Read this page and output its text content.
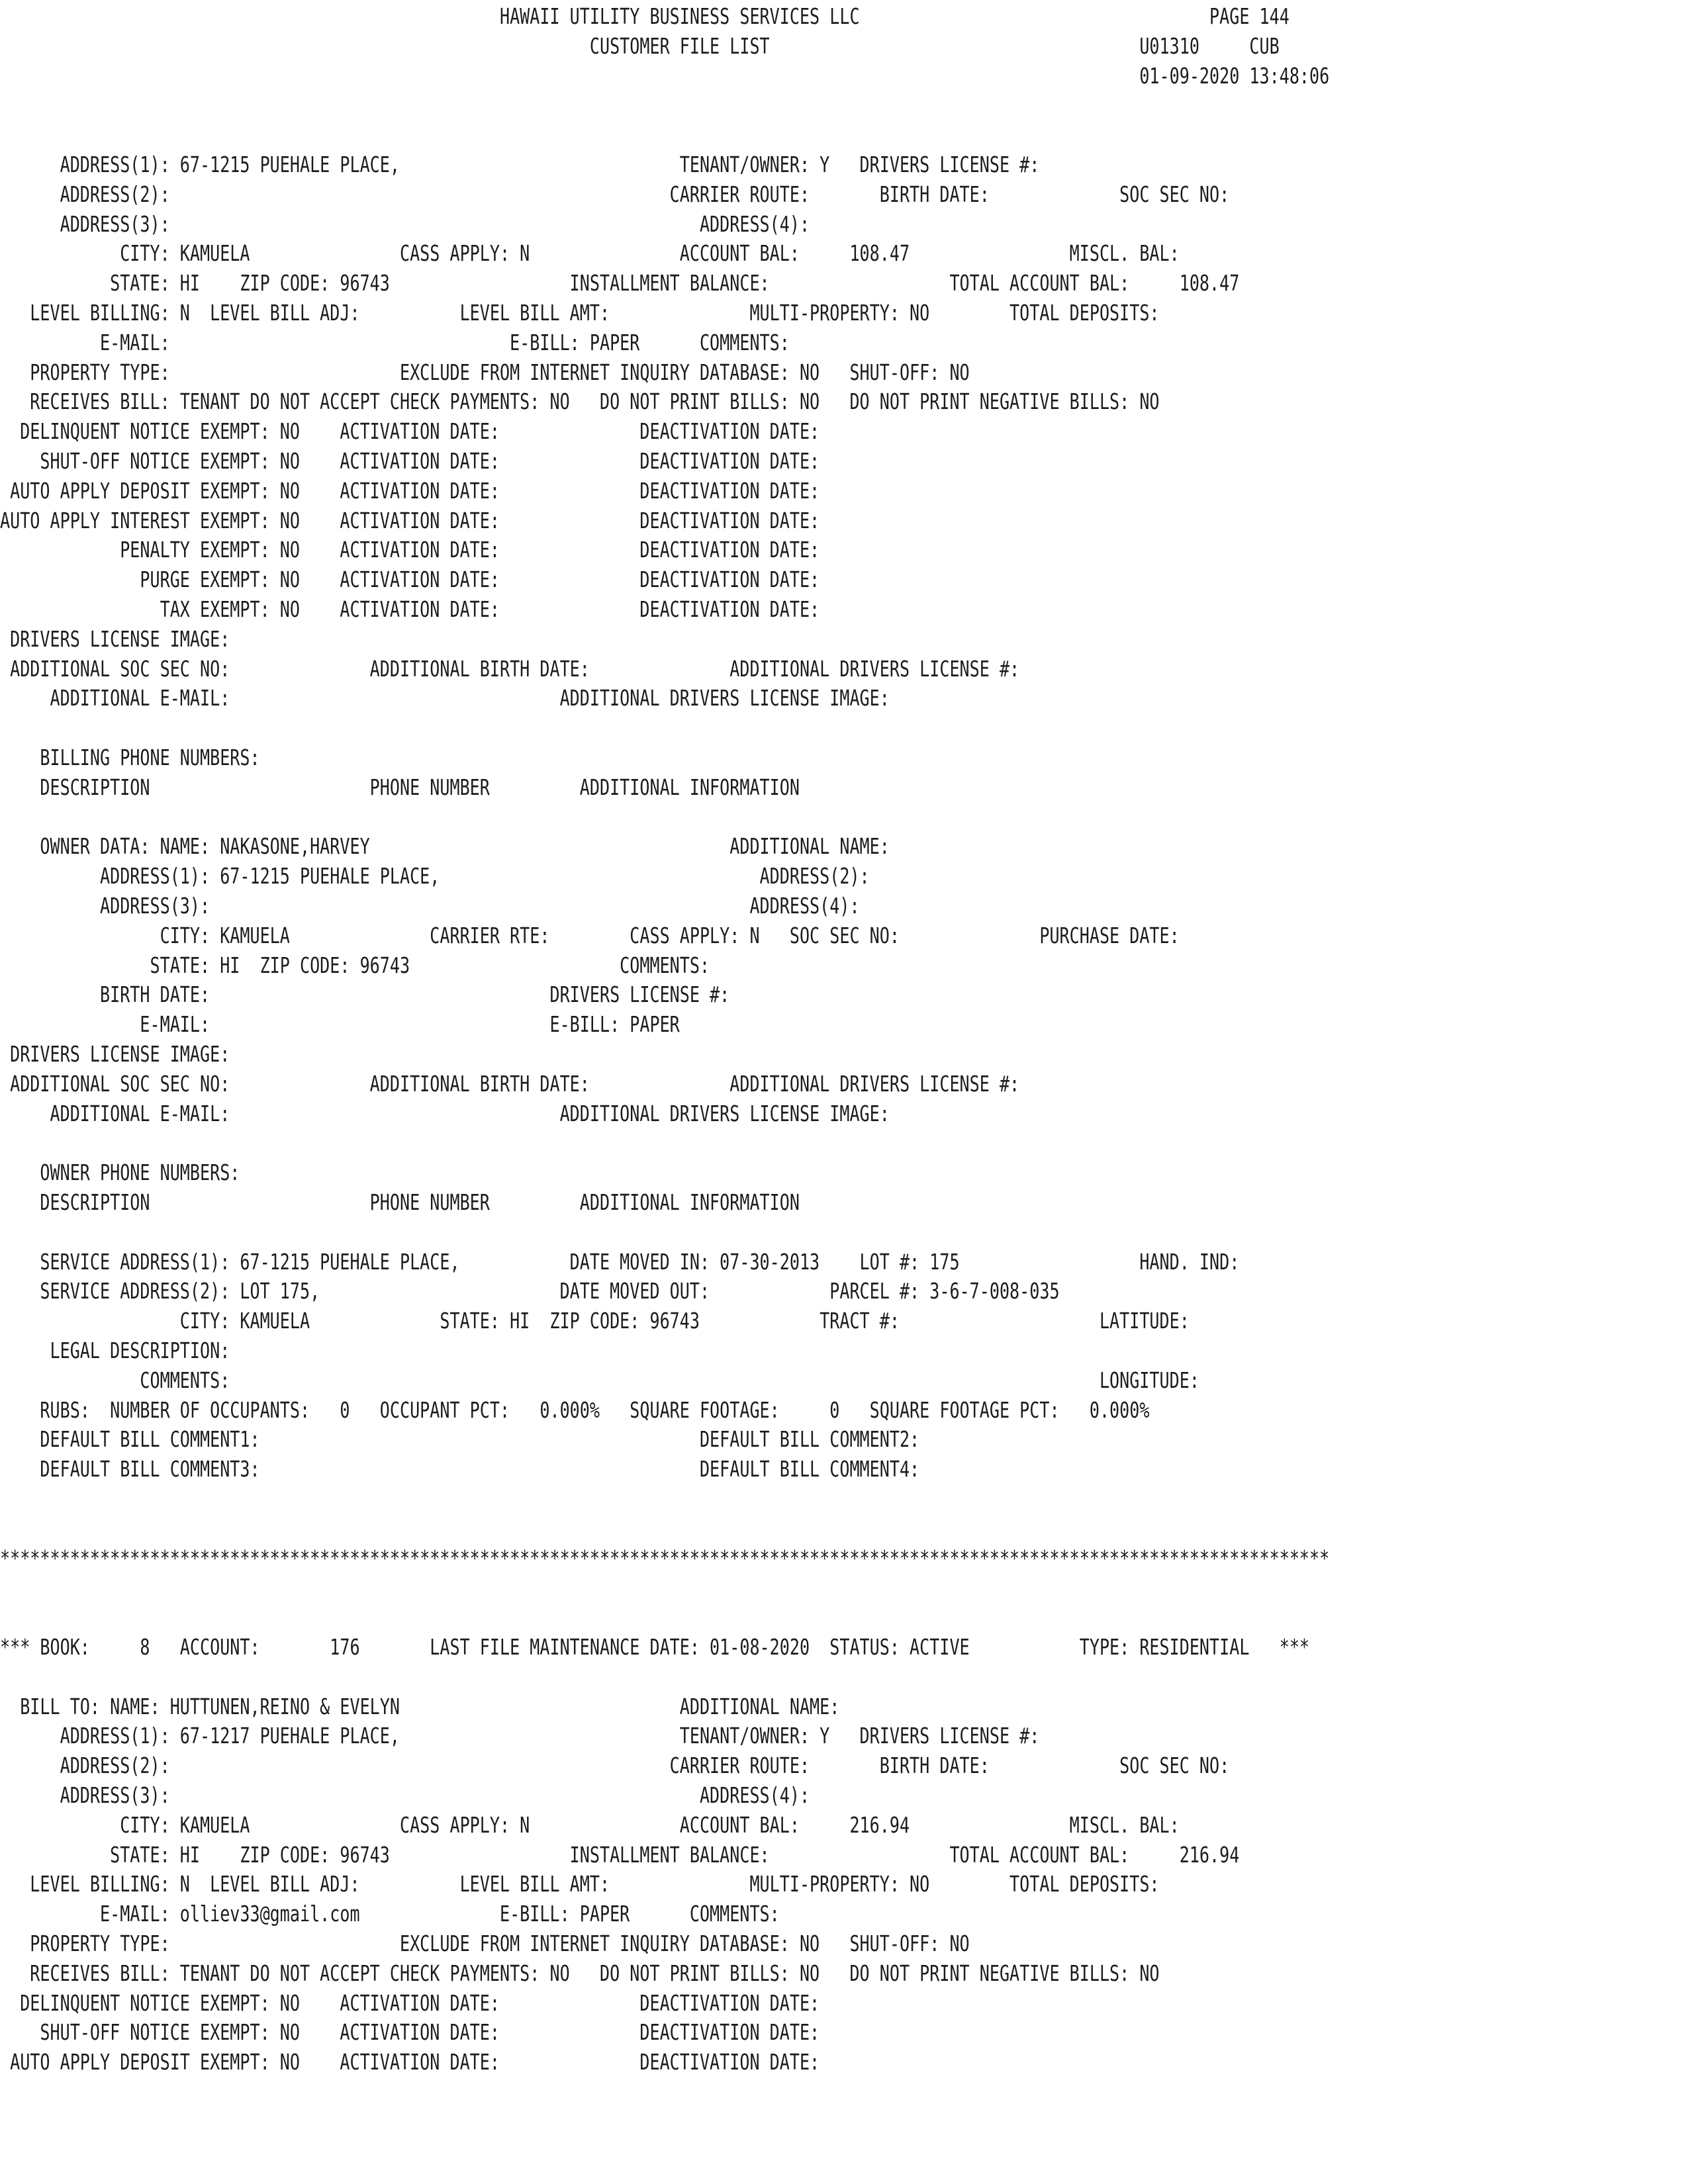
HAWAII UTILITY BUSINESS SERVICES LLC                                   PAGE 144
CUSTOMER FILE LIST                                     U01310     CUB
01-09-2020 13:48:06
ADDRESS(1): 67-1215 PUEHALE PLACE,                            TENANT/OWNER: Y   DRIVERS LICENSE #:
ADDRESS(2):                                                  CARRIER ROUTE:       BIRTH DATE:             SOC SEC NO:
ADDRESS(3):                                                     ADDRESS(4):
CITY: KAMUELA               CASS APPLY: N               ACCOUNT BAL:     108.47                MISCL. BAL:
STATE: HI    ZIP CODE: 96743                  INSTALLMENT BALANCE:                  TOTAL ACCOUNT BAL:     108.47
LEVEL BILLING: N  LEVEL BILL ADJ:          LEVEL BILL AMT:              MULTI-PROPERTY: NO        TOTAL DEPOSITS:
E-MAIL:                                  E-BILL: PAPER      COMMENTS:
PROPERTY TYPE:                       EXCLUDE FROM INTERNET INQUIRY DATABASE: NO   SHUT-OFF: NO
RECEIVES BILL: TENANT DO NOT ACCEPT CHECK PAYMENTS: NO   DO NOT PRINT BILLS: NO   DO NOT PRINT NEGATIVE BILLS: NO
DELINQUENT NOTICE EXEMPT: NO    ACTIVATION DATE:              DEACTIVATION DATE:
SHUT-OFF NOTICE EXEMPT: NO    ACTIVATION DATE:              DEACTIVATION DATE:
AUTO APPLY DEPOSIT EXEMPT: NO    ACTIVATION DATE:              DEACTIVATION DATE:
AUTO APPLY INTEREST EXEMPT: NO    ACTIVATION DATE:              DEACTIVATION DATE:
PENALTY EXEMPT: NO    ACTIVATION DATE:              DEACTIVATION DATE:
PURGE EXEMPT: NO    ACTIVATION DATE:              DEACTIVATION DATE:
TAX EXEMPT: NO    ACTIVATION DATE:              DEACTIVATION DATE:
DRIVERS LICENSE IMAGE:
ADDITIONAL SOC SEC NO:              ADDITIONAL BIRTH DATE:              ADDITIONAL DRIVERS LICENSE #:
ADDITIONAL E-MAIL:                                 ADDITIONAL DRIVERS LICENSE IMAGE:
BILLING PHONE NUMBERS:
DESCRIPTION                      PHONE NUMBER         ADDITIONAL INFORMATION
OWNER DATA: NAME: NAKASONE,HARVEY                                    ADDITIONAL NAME:
ADDRESS(1): 67-1215 PUEHALE PLACE,                                ADDRESS(2):
ADDRESS(3):                                                      ADDRESS(4):
CITY: KAMUELA              CARRIER RTE:        CASS APPLY: N   SOC SEC NO:              PURCHASE DATE:
STATE: HI  ZIP CODE: 96743                     COMMENTS:
BIRTH DATE:                                  DRIVERS LICENSE #:
E-MAIL:                                  E-BILL: PAPER
DRIVERS LICENSE IMAGE:
ADDITIONAL SOC SEC NO:              ADDITIONAL BIRTH DATE:              ADDITIONAL DRIVERS LICENSE #:
ADDITIONAL E-MAIL:                                 ADDITIONAL DRIVERS LICENSE IMAGE:
OWNER PHONE NUMBERS:
DESCRIPTION                      PHONE NUMBER         ADDITIONAL INFORMATION
SERVICE ADDRESS(1): 67-1215 PUEHALE PLACE,           DATE MOVED IN: 07-30-2013    LOT #: 175                  HAND. IND:
SERVICE ADDRESS(2): LOT 175,                        DATE MOVED OUT:            PARCEL #: 3-6-7-008-035
CITY: KAMUELA             STATE: HI  ZIP CODE: 96743            TRACT #:                    LATITUDE:
LEGAL DESCRIPTION:
COMMENTS:                                                                                       LONGITUDE:
RUBS:  NUMBER OF OCCUPANTS:   0   OCCUPANT PCT:   0.000%   SQUARE FOOTAGE:     0   SQUARE FOOTAGE PCT:   0.000%
DEFAULT BILL COMMENT1:                                            DEFAULT BILL COMMENT2:
DEFAULT BILL COMMENT3:                                            DEFAULT BILL COMMENT4:
*************************************************************************************************************************************
*** BOOK:     8   ACCOUNT:       176       LAST FILE MAINTENANCE DATE: 01-08-2020  STATUS: ACTIVE           TYPE: RESIDENTIAL   ***
BILL TO: NAME: HUTTUNEN,REINO & EVELYN                            ADDITIONAL NAME:
ADDRESS(1): 67-1217 PUEHALE PLACE,                            TENANT/OWNER: Y   DRIVERS LICENSE #:
ADDRESS(2):                                                  CARRIER ROUTE:       BIRTH DATE:             SOC SEC NO:
ADDRESS(3):                                                     ADDRESS(4):
CITY: KAMUELA               CASS APPLY: N               ACCOUNT BAL:     216.94                MISCL. BAL:
STATE: HI    ZIP CODE: 96743                  INSTALLMENT BALANCE:                  TOTAL ACCOUNT BAL:     216.94
LEVEL BILLING: N  LEVEL BILL ADJ:          LEVEL BILL AMT:              MULTI-PROPERTY: NO        TOTAL DEPOSITS:
E-MAIL: olliev33@gmail.com              E-BILL: PAPER      COMMENTS:
PROPERTY TYPE:                       EXCLUDE FROM INTERNET INQUIRY DATABASE: NO   SHUT-OFF: NO
RECEIVES BILL: TENANT DO NOT ACCEPT CHECK PAYMENTS: NO   DO NOT PRINT BILLS: NO   DO NOT PRINT NEGATIVE BILLS: NO
DELINQUENT NOTICE EXEMPT: NO    ACTIVATION DATE:              DEACTIVATION DATE:
SHUT-OFF NOTICE EXEMPT: NO    ACTIVATION DATE:              DEACTIVATION DATE:
AUTO APPLY DEPOSIT EXEMPT: NO    ACTIVATION DATE:              DEACTIVATION DATE:
